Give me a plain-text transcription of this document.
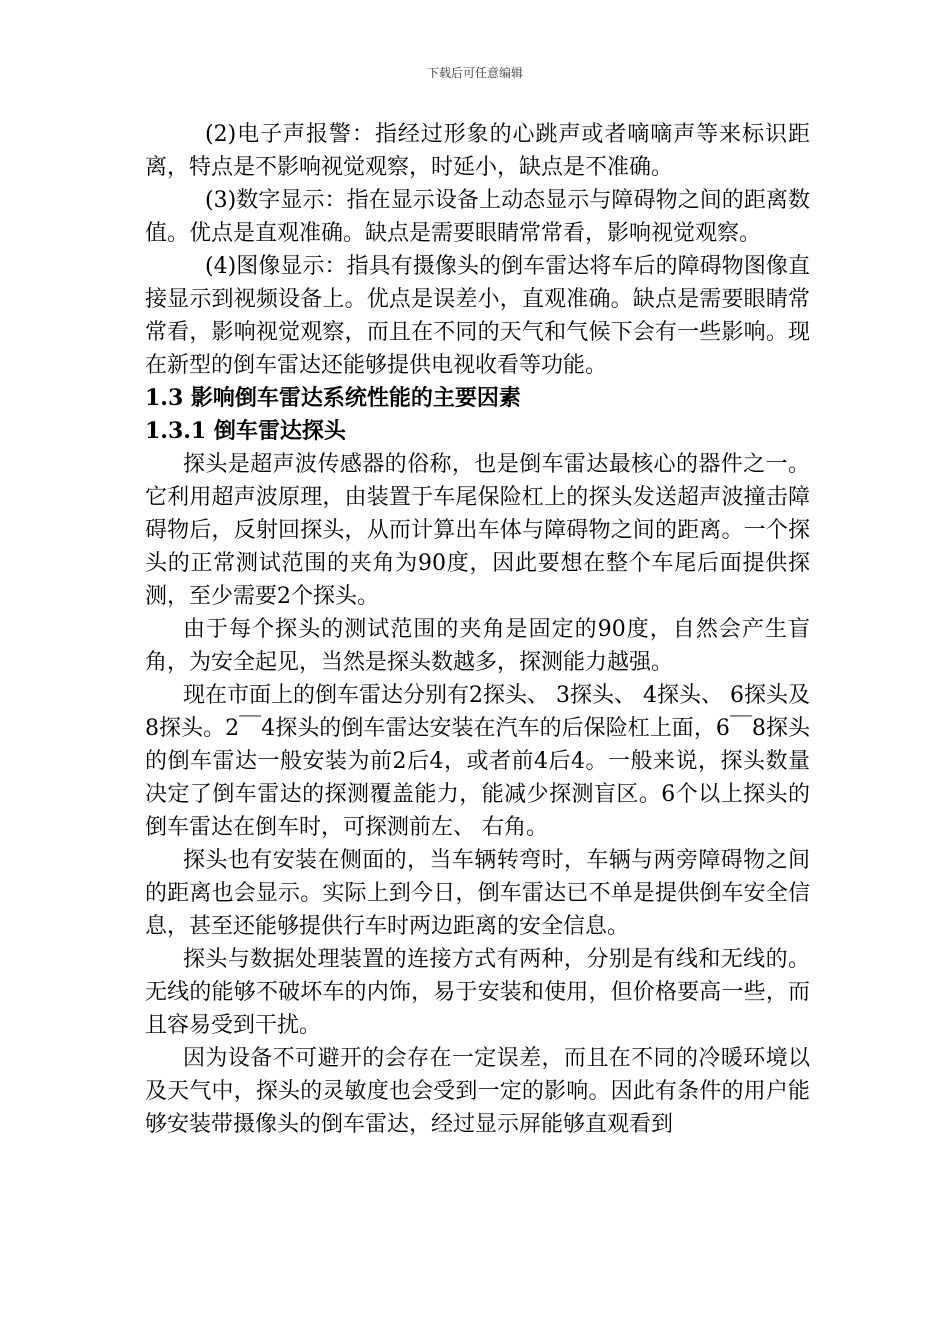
下载后可任意编辑

(2)电子声报警：指经过形象的心跳声或者嘀嘀声等来标识距离，特点是不影响视觉观察，时延小，缺点是不准确。

(3)数字显示：指在显示设备上动态显示与障碍物之间的距离数值。优点是直观准确。缺点是需要眼睛常常看，影响视觉观察。

(4)图像显示：指具有摄像头的倒车雷达将车后的障碍物图像直接显示到视频设备上。优点是误差小，直观准确。缺点是需要眼睛常常看，影响视觉观察，而且在不同的天气和气候下会有一些影响。现在新型的倒车雷达还能够提供电视收看等功能。

1.3 影响倒车雷达系统性能的主要因素

1.3.1 倒车雷达探头

探头是超声波传感器的俗称，也是倒车雷达最核心的器件之一。它利用超声波原理，由装置于车尾保险杠上的探头发送超声波撞击障碍物后，反射回探头，从而计算出车体与障碍物之间的距离。一个探头的正常测试范围的夹角为90度，因此要想在整个车尾后面提供探测，至少需要2个探头。

由于每个探头的测试范围的夹角是固定的90度，自然会产生盲角，为安全起见，当然是探头数越多，探测能力越强。

现在市面上的倒车雷达分别有2探头、 3探头、 4探头、 6探头及8探头。2￣4探头的倒车雷达安装在汽车的后保险杠上面，6￣8探头的倒车雷达一般安装为前2后4，或者前4后4。一般来说，探头数量决定了倒车雷达的探测覆盖能力，能减少探测盲区。6个以上探头的倒车雷达在倒车时，可探测前左、 右角。

探头也有安装在侧面的，当车辆转弯时，车辆与两旁障碍物之间的距离也会显示。实际上到今日，倒车雷达已不单是提供倒车安全信息，甚至还能够提供行车时两边距离的安全信息。

探头与数据处理装置的连接方式有两种，分别是有线和无线的。无线的能够不破坏车的内饰，易于安装和使用，但价格要高一些，而且容易受到干扰。

因为设备不可避开的会存在一定误差，而且在不同的冷暖环境以及天气中，探头的灵敏度也会受到一定的影响。因此有条件的用户能够安装带摄像头的倒车雷达，经过显示屏能够直观看到
